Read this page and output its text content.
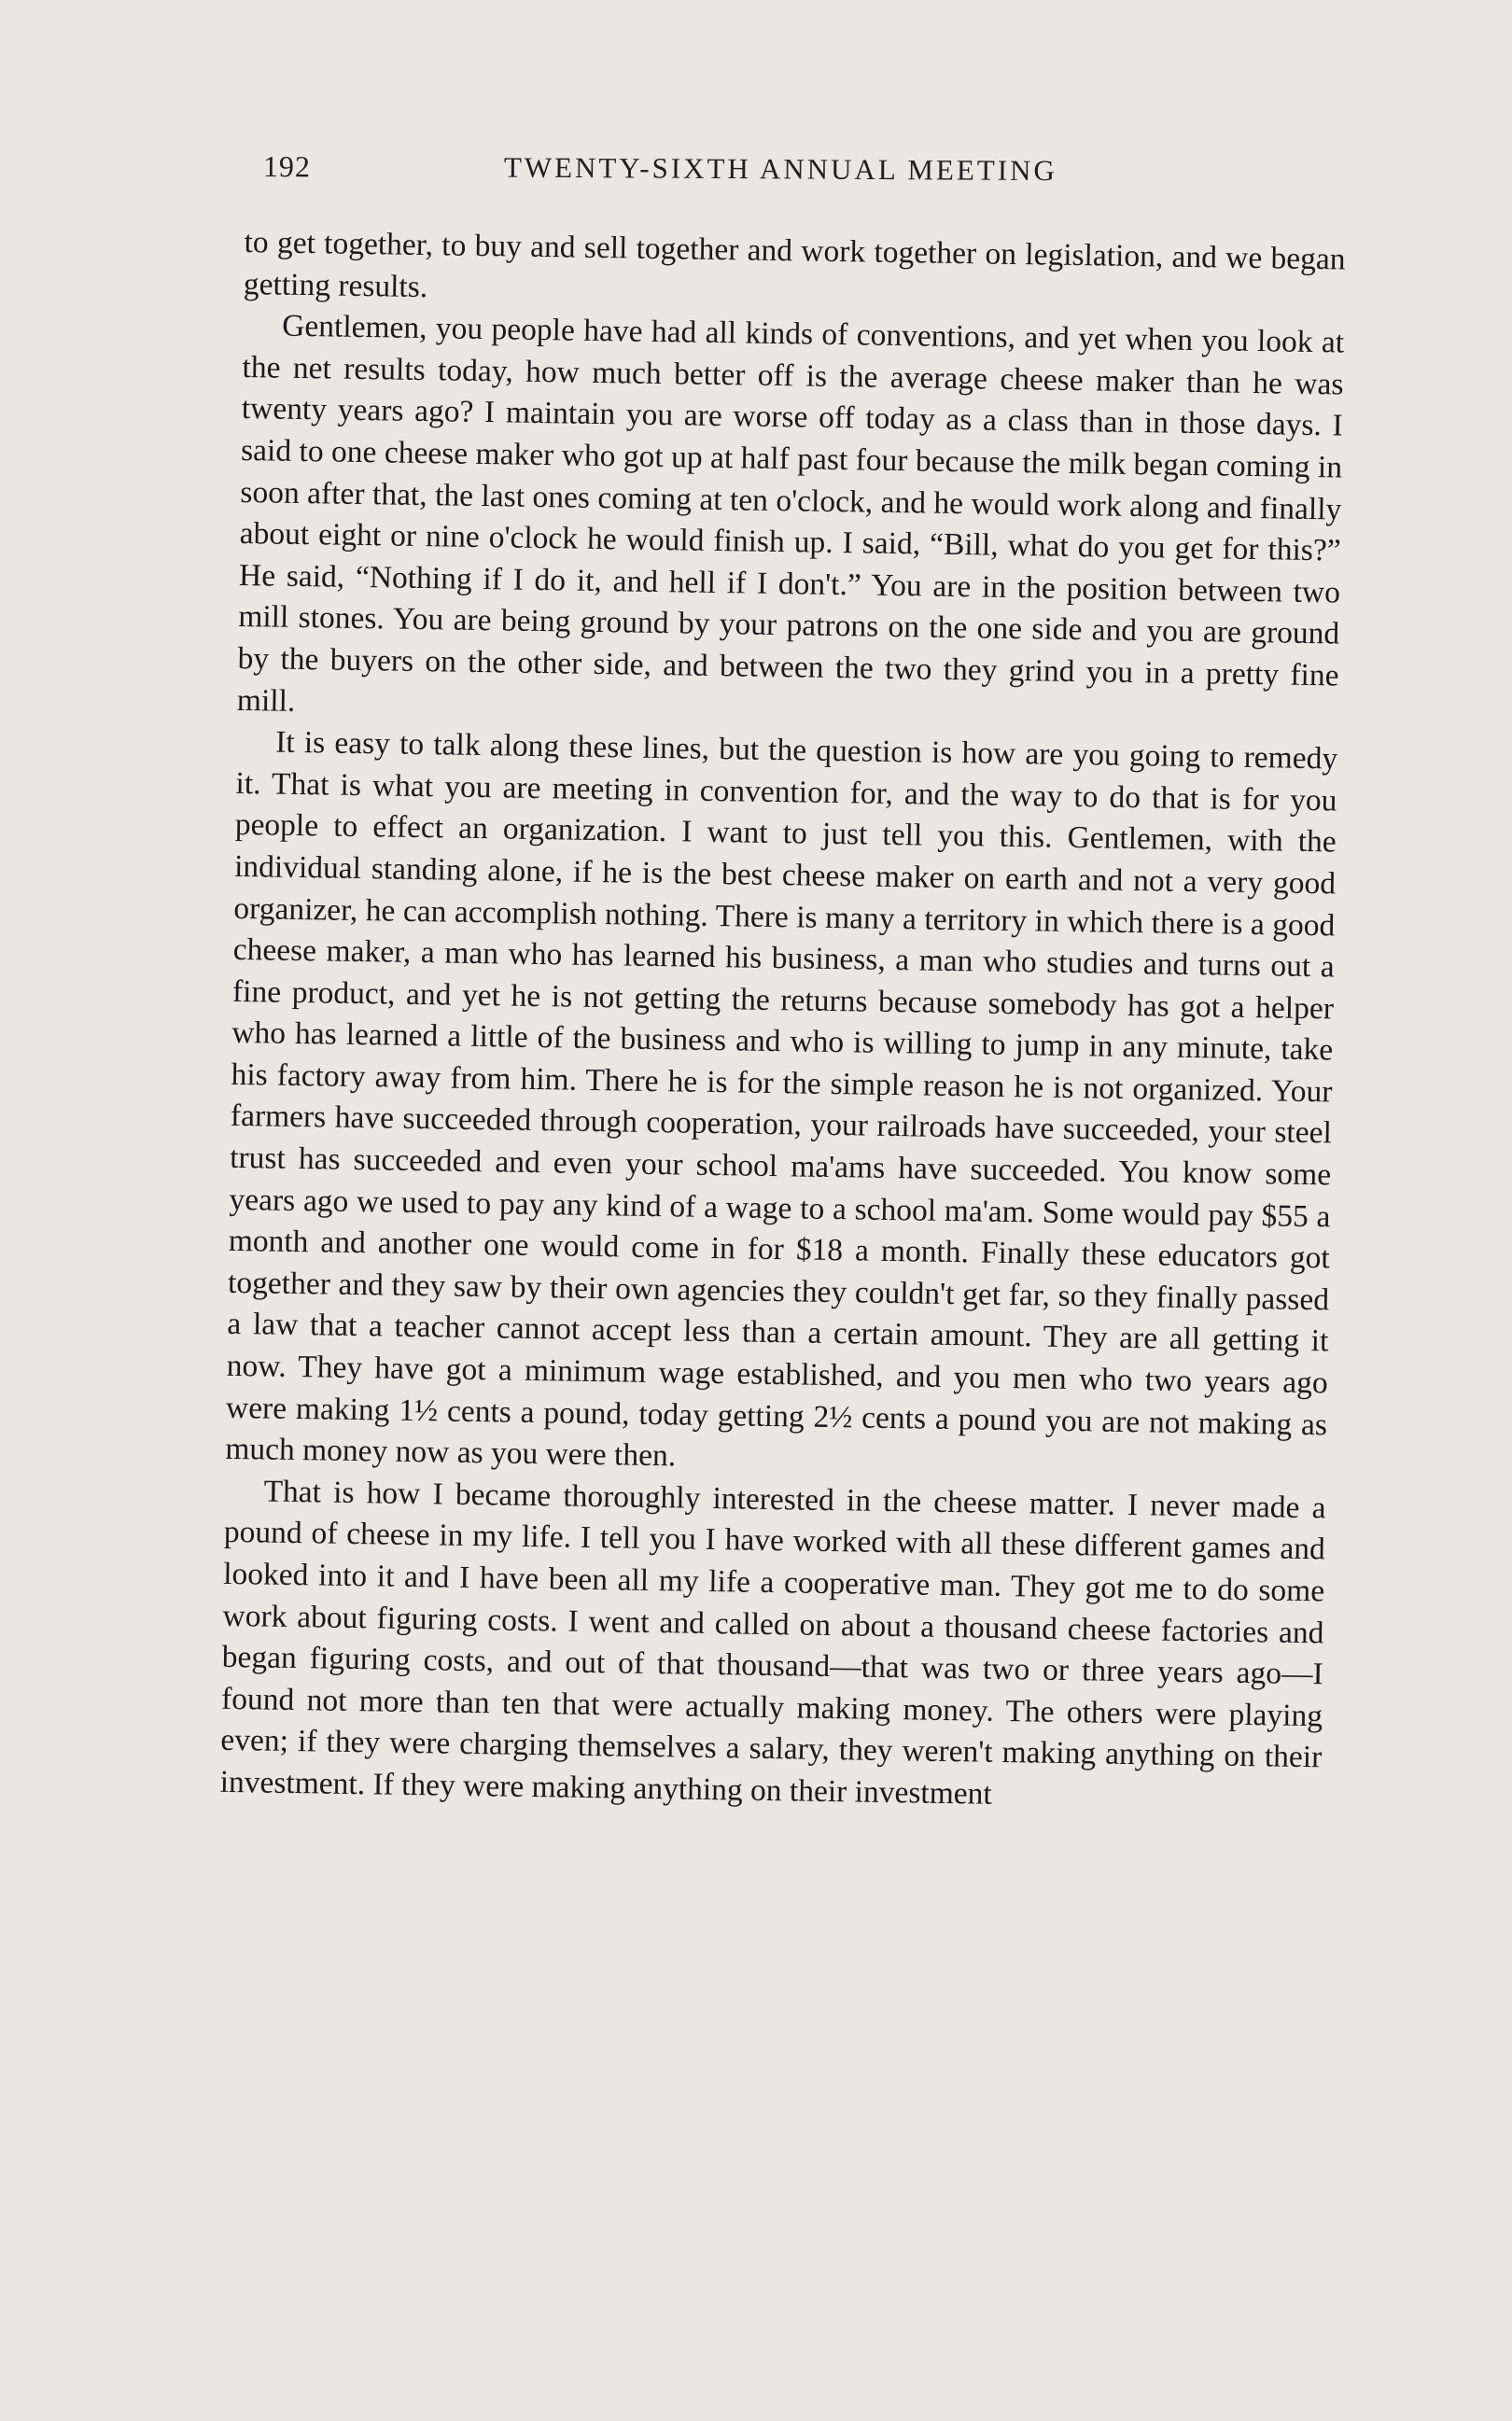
192	TWENTY-SIXTH ANNUAL MEETING

to get together, to buy and sell together and work together on legislation, and we began getting results.

Gentlemen, you people have had all kinds of conventions, and yet when you look at the net results today, how much better off is the average cheese maker than he was twenty years ago? I maintain you are worse off today as a class than in those days. I said to one cheese maker who got up at half past four because the milk began coming in soon after that, the last ones coming at ten o'clock, and he would work along and finally about eight or nine o'clock he would finish up. I said, “Bill, what do you get for this?” He said, “Nothing if I do it, and hell if I don't.” You are in the position between two mill stones. You are being ground by your patrons on the one side and you are ground by the buyers on the other side, and between the two they grind you in a pretty fine mill.

It is easy to talk along these lines, but the question is how are you going to remedy it. That is what you are meeting in convention for, and the way to do that is for you people to effect an organization. I want to just tell you this. Gentlemen, with the individual standing alone, if he is the best cheese maker on earth and not a very good organizer, he can accomplish nothing. There is many a territory in which there is a good cheese maker, a man who has learned his business, a man who studies and turns out a fine product, and yet he is not getting the returns because somebody has got a helper who has learned a little of the business and who is willing to jump in any minute, take his factory away from him. There he is for the simple reason he is not organized. Your farmers have succeeded through cooperation, your railroads have succeeded, your steel trust has succeeded and even your school ma'ams have succeeded. You know some years ago we used to pay any kind of a wage to a school ma'am. Some would pay $55 a month and another one would come in for $18 a month. Finally these educators got together and they saw by their own agencies they couldn't get far, so they finally passed a law that a teacher cannot accept less than a certain amount. They are all getting it now. They have got a minimum wage established, and you men who two years ago were making 1½ cents a pound, today getting 2½ cents a pound you are not making as much money now as you were then.

That is how I became thoroughly interested in the cheese matter. I never made a pound of cheese in my life. I tell you I have worked with all these different games and looked into it and I have been all my life a cooperative man. They got me to do some work about figuring costs. I went and called on about a thousand cheese factories and began figuring costs, and out of that thousand—that was two or three years ago—I found not more than ten that were actually making money. The others were playing even; if they were charging themselves a salary, they weren't making anything on their investment. If they were making anything on their investment
